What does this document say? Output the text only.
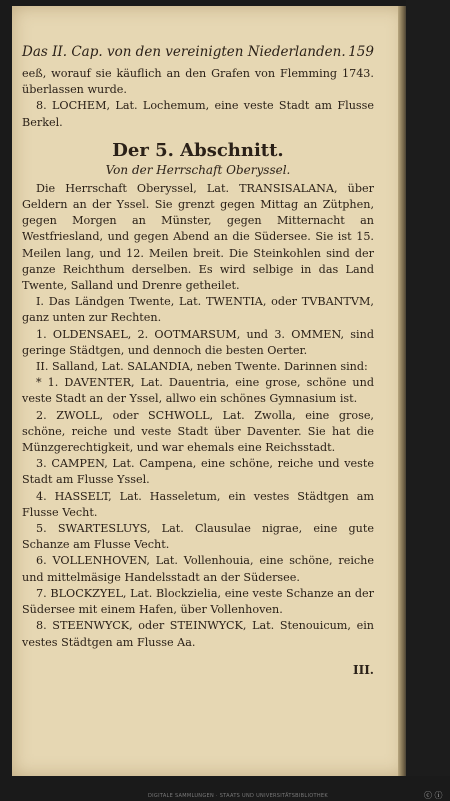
Das II. Cap. von den vereinigten Niederlanden. 159

eeß, worauf sie käuflich an den Grafen von Flemming 1743. überlassen wurde.

8. LOCHEM, Lat. Lochemum, eine veste Stadt am Flusse Berkel.

Der 5. Abschnitt.
Von der Herrschaft Oberyssel.

Die Herrschaft Oberyssel, Lat. TRANSISALANA, über Geldern an der Yssel. Sie grenzt gegen Mittag an Zütphen, gegen Morgen an Münster, gegen Mitternacht an Westfriesland, und gegen Abend an die Südersee. Sie ist 15. Meilen lang, und 12. Meilen breit. Die Steinkohlen sind der ganze Reichthum derselben. Es wird selbige in das Land Twente, Salland und Drenre getheilet.

I. Das Ländgen Twente, Lat. TWENTIA, oder TVBANTVM, ganz unten zur Rechten.

1. OLDENSAEL, 2. OOTMARSUM, und 3. OMMEN, sind geringe Städtgen, und dennoch die besten Oerter.

II. Salland, Lat. SALANDIA, neben Twente. Darinnen sind:

* 1. DAVENTER, Lat. Dauentria, eine grose, schöne und veste Stadt an der Yssel, allwo ein schönes Gymnasium ist.

2. ZWOLL, oder SCHWOLL, Lat. Zwolla, eine grose, schöne, reiche und veste Stadt über Daventer. Sie hat die Münzgerechtigkeit, und war ehemals eine Reichsstadt.

3. CAMPEN, Lat. Campena, eine schöne, reiche und veste Stadt am Flusse Yssel.

4. HASSELT, Lat. Hasseletum, ein vestes Städtgen am Flusse Vecht.

5. SWARTESLUYS, Lat. Clausulae nigrae, eine gute Schanze am Flusse Vecht.

6. VOLLENHOVEN, Lat. Vollenhouia, eine schöne, reiche und mittelmäsige Handelsstadt an der Südersee.

7. BLOCKZYEL, Lat. Blockzielia, eine veste Schanze an der Südersee mit einem Hafen, über Vollenhoven.

8. STEENWYCK, oder STEINWYCK, Lat. Stenouicum, ein vestes Städtgen am Flusse Aa.

III.
DIGITALE SAMMLUNGEN · STAATS UND UNIVERSITÄTSBIBLIOTHEK	ⓒ ⓘ
